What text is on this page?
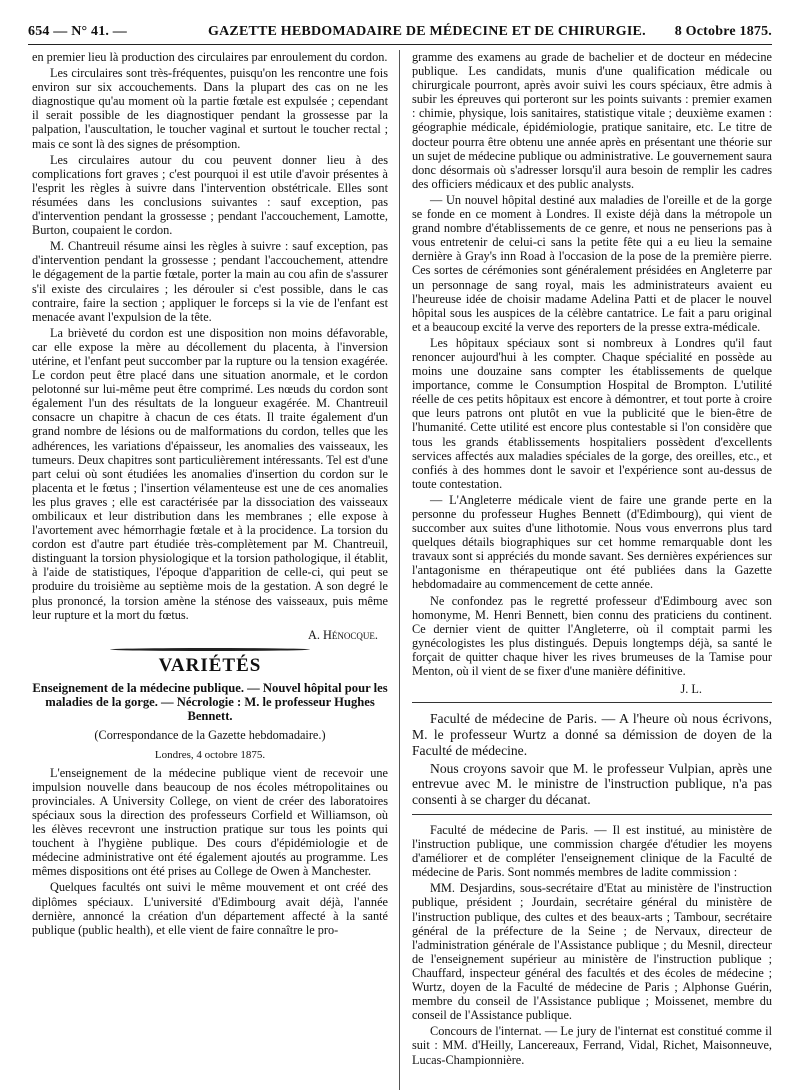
654 — N° 41. —	GAZETTE HEBDOMADAIRE DE MÉDECINE ET DE CHIRURGIE. 8 Octobre 1875.

en premier lieu là production des circulaires par enroulement du cordon.

Les circulaires sont très-fréquentes, puisqu'on les rencontre une fois environ sur six accouchements. Dans la plupart des cas on ne les diagnostique qu'au moment où la partie fœtale est expulsée ; cependant il serait possible de les diagnostiquer pendant la grossesse par la palpation, l'auscultation, le toucher vaginal et surtout le toucher rectal ; mais ce sont là des signes de présomption.

Les circulaires autour du cou peuvent donner lieu à des complications fort graves ; c'est pourquoi il est utile d'avoir présentes à l'esprit les règles à suivre dans l'intervention obstétricale. Elles sont résumées dans les conclusions suivantes : sauf exception, pas d'intervention pendant la grossesse ; pendant l'accouchement, Lamotte, Burton, coupaient le cordon.

M. Chantreuil résume ainsi les règles à suivre : sauf exception, pas d'intervention pendant la grossesse ; pendant l'accouchement, attendre le dégagement de la partie fœtale, porter la main au cou afin de s'assurer s'il existe des circulaires ; les dérouler si c'est possible, dans le cas contraire, faire la section ; appliquer le forceps si la vie de l'enfant est menacée avant l'expulsion de la tête.

La brièveté du cordon est une disposition non moins défavorable, car elle expose la mère au décollement du placenta, à l'inversion utérine, et l'enfant peut succomber par la rupture ou la tension exagérée. Le cordon peut être placé dans une situation anormale, et le cordon pelotonné sur lui-même peut être comprimé. Les nœuds du cordon sont également l'un des résultats de la longueur exagérée. M. Chantreuil consacre un chapitre à chacun de ces états. Il traite également d'un grand nombre de lésions ou de malformations du cordon, telles que les adhérences, les variations d'épaisseur, les anomalies des vaisseaux, les tumeurs. Deux chapitres sont particulièrement intéressants. Tel est d'une part celui où sont étudiées les anomalies d'insertion du cordon sur le placenta et le fœtus ; l'insertion vélamenteuse est une de ces anomalies les plus graves ; elle est caractérisée par la dissociation des vaisseaux ombilicaux et leur distribution dans les membranes ; elle expose à l'avortement avec hémorrhagie fœtale et à la procidence. La torsion du cordon est d'autre part étudiée très-complètement par M. Chantreuil, distinguant la torsion physiologique et la torsion pathologique, il établit, à l'aide de statistiques, l'époque d'apparition de celle-ci, qui peut se produire du troisième au septième mois de la gestation. A son degré le plus prononcé, la torsion amène la sténose des vaisseaux, puis même leur rupture et la mort du fœtus.

A. Hénocque.
VARIÉTÉS
Enseignement de la médecine publique. — Nouvel hôpital pour les maladies de la gorge. — Nécrologie : M. le professeur Hughes Bennett.
(Correspondance de la Gazette hebdomadaire.)
Londres, 4 octobre 1875.

L'enseignement de la médecine publique vient de recevoir une impulsion nouvelle dans beaucoup de nos écoles métropolitaines ou provinciales. A University College, on vient de créer des laboratoires spéciaux sous la direction des professeurs Corfield et Williamson, où les élèves recevront une instruction pratique sur tous les points qui touchent à l'hygiène publique. Des cours d'épidémiologie et de médecine administrative ont été également ajoutés au programme. Les mêmes dispositions ont été prises au College de Owen à Manchester.

Quelques facultés ont suivi le même mouvement et ont créé des diplômes spéciaux. L'université d'Edimbourg avait déjà, l'année dernière, annoncé la création d'un département affecté à la santé publique (public health), et elle vient de faire connaître le pro-

gramme des examens au grade de bachelier et de docteur en médecine publique. Les candidats, munis d'une qualification médicale ou chirurgicale pourront, après avoir suivi les cours spéciaux, être admis à subir les épreuves qui porteront sur les points suivants : premier examen : chimie, physique, lois sanitaires, statistique vitale ; deuxième examen : géographie médicale, épidémiologie, pratique sanitaire, etc. Le titre de docteur pourra être obtenu une année après en présentant une théorie sur un sujet de médecine publique ou administrative. Le gouvernement saura donc désormais où s'adresser lorsqu'il aura besoin de remplir les cadres des officiers médicaux et des public analysts.

— Un nouvel hôpital destiné aux maladies de l'oreille et de la gorge se fonde en ce moment à Londres. Il existe déjà dans la métropole un grand nombre d'établissements de ce genre, et nous ne penserions pas à vous entretenir de celui-ci sans la petite fête qui a eu lieu la semaine dernière à Gray's inn Road à l'occasion de la pose de la première pierre. Ces sortes de cérémonies sont généralement présidées en Angleterre par un personnage de sang royal, mais les administrateurs avaient eu l'heureuse idée de choisir madame Adelina Patti et de placer le nouvel hôpital sous les auspices de la célèbre cantatrice. Le fait a paru original et a beaucoup excité la verve des reporters de la presse extra-médicale.

Les hôpitaux spéciaux sont si nombreux à Londres qu'il faut renoncer aujourd'hui à les compter. Chaque spécialité en possède au moins une douzaine sans compter les établissements de quelque importance, comme le Consumption Hospital de Brompton. L'utilité réelle de ces petits hôpitaux est encore à démontrer, et tout porte à croire que leurs patrons ont plutôt en vue la publicité que le bien-être de l'humanité. Cette utilité est encore plus contestable si l'on considère que tous les grands établissements hospitaliers possèdent d'excellents services affectés aux maladies spéciales de la gorge, des oreilles, etc., et confiés à des hommes dont le savoir et l'expérience sont au-dessus de toute contestation.

— L'Angleterre médicale vient de faire une grande perte en la personne du professeur Hughes Bennett (d'Edimbourg), qui vient de succomber aux suites d'une lithotomie. Nous vous enverrons plus tard quelques détails biographiques sur cet homme remarquable dont les travaux sont si appréciés du monde savant. Ses dernières expériences sur l'antagonisme en thérapeutique ont été publiées dans la Gazette hebdomadaire au commencement de cette année.

Ne confondez pas le regretté professeur d'Edimbourg avec son homonyme, M. Henri Bennett, bien connu des praticiens du continent. Ce dernier vient de quitter l'Angleterre, où il comptait parmi les gynécologistes les plus distingués. Depuis longtemps déjà, sa santé le forçait de quitter chaque hiver les rives brumeuses de la Tamise pour Menton, où il vient de se fixer d'une manière définitive.

J. L.

Faculté de médecine de Paris. — A l'heure où nous écrivons, M. le professeur Wurtz a donné sa démission de doyen de la Faculté de médecine.

Nous croyons savoir que M. le professeur Vulpian, après une entrevue avec M. le ministre de l'instruction publique, n'a pas consenti à se charger du décanat.

Faculté de médecine de Paris. — Il est institué, au ministère de l'instruction publique, une commission chargée d'étudier les moyens d'améliorer et de compléter l'enseignement clinique de la Faculté de médecine de Paris. Sont nommés membres de ladite commission :

MM. Desjardins, sous-secrétaire d'Etat au ministère de l'instruction publique, président ; Jourdain, secrétaire général du ministère de l'instruction publique, des cultes et des beaux-arts ; Tambour, secrétaire général de la préfecture de la Seine ; de Nervaux, directeur de l'administration générale de l'Assistance publique ; du Mesnil, directeur de l'enseignement supérieur au ministère de l'instruction publique ; Chauffard, inspecteur général des facultés et des écoles de médecine ; Wurtz, doyen de la Faculté de médecine de Paris ; Alphonse Guérin, membre du conseil de l'Assistance publique ; Moissenet, membre du conseil de l'Assistance publique.

Concours de l'internat. — Le jury de l'internat est constitué comme il suit : MM. d'Heilly, Lancereaux, Ferrand, Vidal, Richet, Maisonneuve, Lucas-Championnière.
